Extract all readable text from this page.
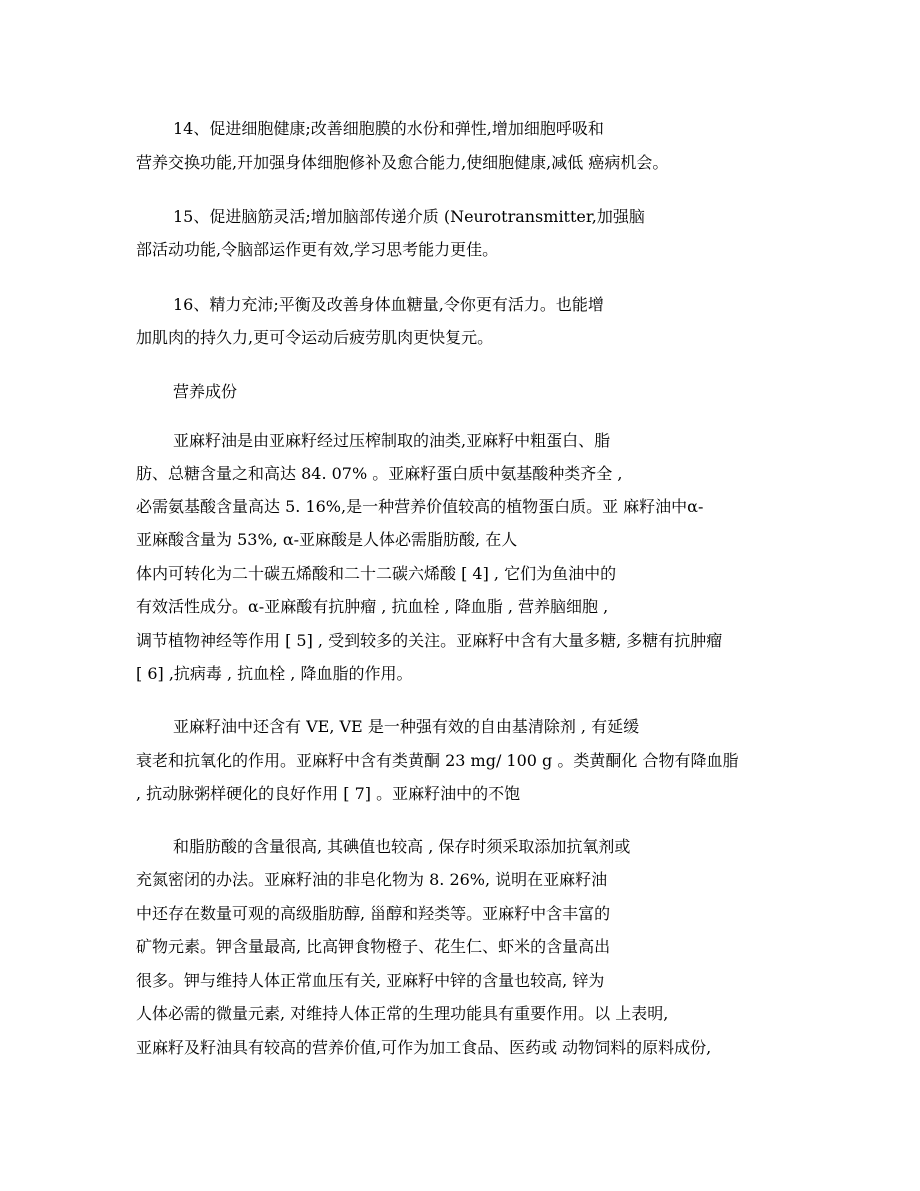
14、促进细胞健康;改善细胞膜的水份和弹性,增加细胞呼吸和

营养交换功能,幵加强身体细胞修补及愈合能力,使细胞健康,减低 癌病机会。

15、促进脑筋灵活;增加脑部传递介质 (Neurotransmitter,加强脑

部活动功能,令脑部运作更有效,学习思考能力更佳。

16、精力充沛;平衡及改善身体血糖量,令你更有活力。也能增

加肌肉的持久力,更可令运动后疲劳肌肉更快复元。

营养成份

亚麻籽油是由亚麻籽经过压榨制取的油类,亚麻籽中粗蛋白、脂

肪、总糖含量之和高达 84. 07% 。亚麻籽蛋白质中氨基酸种类齐全 ,

必需氨基酸含量高达 5. 16%,是一种营养价值较高的植物蛋白质。亚 麻籽油中α-

亚麻酸含量为 53%, α-亚麻酸是人体必需脂肪酸, 在人

体内可转化为二十碳五烯酸和二十二碳六烯酸 [ 4] , 它们为鱼油中的

有效活性成分。α-亚麻酸有抗肿瘤 , 抗血栓 , 降血脂 , 营养脑细胞 ,

调节植物神经等作用 [ 5] , 受到较多的关注。亚麻籽中含有大量多糖, 多糖有抗肿瘤

[ 6] ,抗病毒 , 抗血栓 , 降血脂的作用。

亚麻籽油中还含有 VE, VE 是一种强有效的自由基清除剂 , 有延缓

衰老和抗氧化的作用。亚麻籽中含有类黄酮 23 mg/ 100 g 。类黄酮化 合物有降血脂

, 抗动脉粥样硬化的良好作用 [ 7] 。亚麻籽油中的不饱

和脂肪酸的含量很高, 其碘值也较高 , 保存时须采取添加抗氧剂或

充氮密闭的办法。亚麻籽油的非皂化物为 8. 26%, 说明在亚麻籽油

中还存在数量可观的高级脂肪醇, 甾醇和羟类等。亚麻籽中含丰富的

矿物元素。钾含量最高, 比高钾食物橙子、花生仁、虾米的含量高出

很多。钾与维持人体正常血压有关, 亚麻籽中锌的含量也较高, 锌为

人体必需的微量元素, 对维持人体正常的生理功能具有重要作用。以 上表明,

亚麻籽及籽油具有较高的营养价值,可作为加工食品、医药或 动物饲料的原料成份,
